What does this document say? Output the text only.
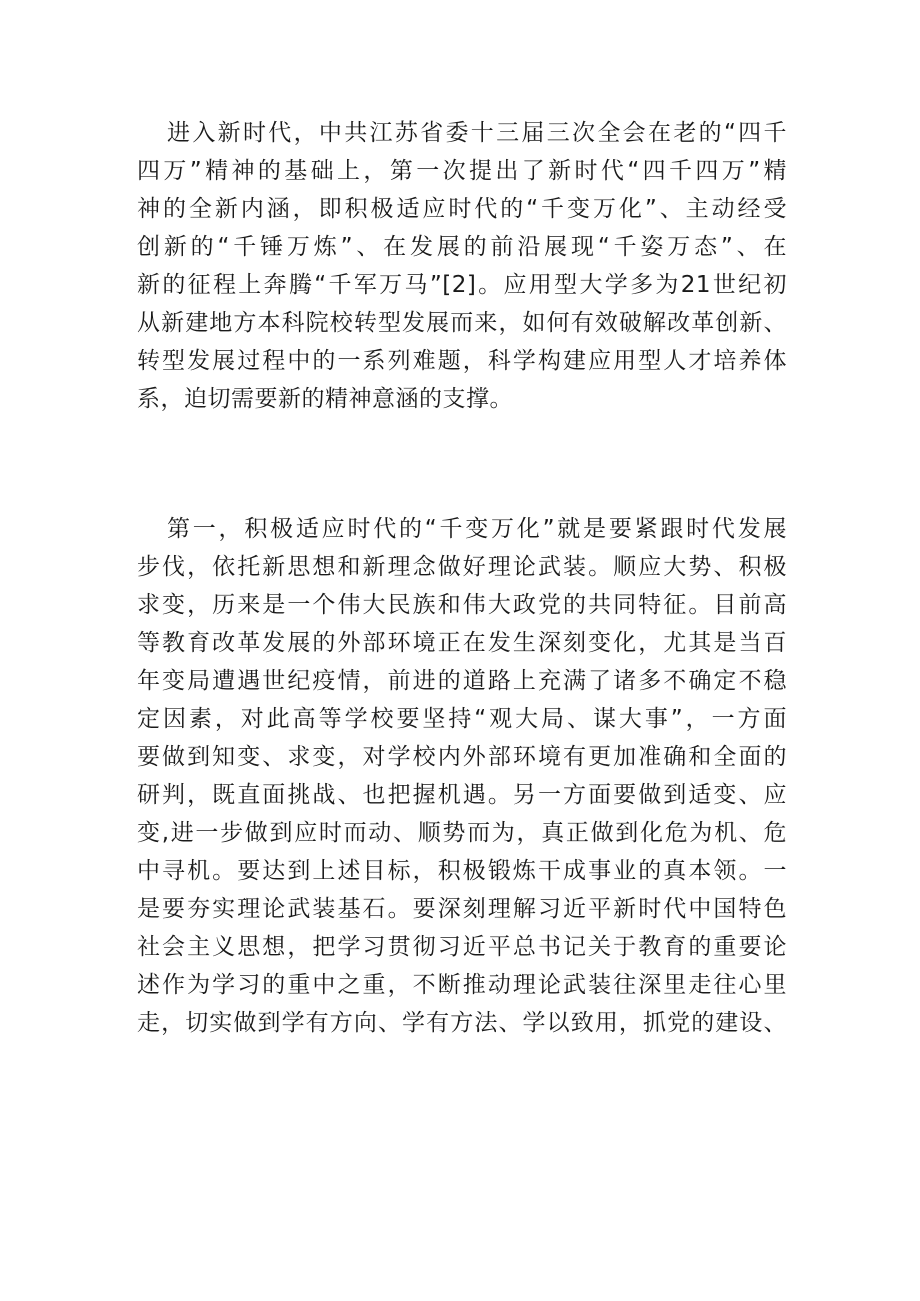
进入新时代，中共江苏省委十三届三次全会在老的“四千
四万”精神的基础上，第一次提出了新时代“四千四万”精
神的全新内涵，即积极适应时代的“千变万化”、主动经受
创新的“千锤万炼”、在发展的前沿展现“千姿万态”、在
新的征程上奔腾“千军万马”[2]。应用型大学多为21世纪初
从新建地方本科院校转型发展而来，如何有效破解改革创新、
转型发展过程中的一系列难题，科学构建应用型人才培养体
系，迫切需要新的精神意涵的支撑。
第一，积极适应时代的“千变万化”就是要紧跟时代发展
步伐，依托新思想和新理念做好理论武装。顺应大势、积极
求变，历来是一个伟大民族和伟大政党的共同特征。目前高
等教育改革发展的外部环境正在发生深刻变化，尤其是当百
年变局遭遇世纪疫情，前进的道路上充满了诸多不确定不稳
定因素，对此高等学校要坚持“观大局、谋大事”，一方面
要做到知变、求变，对学校内外部环境有更加准确和全面的
研判，既直面挑战、也把握机遇。另一方面要做到适变、应
变,进一步做到应时而动、顺势而为，真正做到化危为机、危
中寻机。要达到上述目标，积极锻炼干成事业的真本领。一
是要夯实理论武装基石。要深刻理解习近平新时代中国特色
社会主义思想，把学习贯彻习近平总书记关于教育的重要论
述作为学习的重中之重，不断推动理论武装往深里走往心里
走，切实做到学有方向、学有方法、学以致用，抓党的建设、
